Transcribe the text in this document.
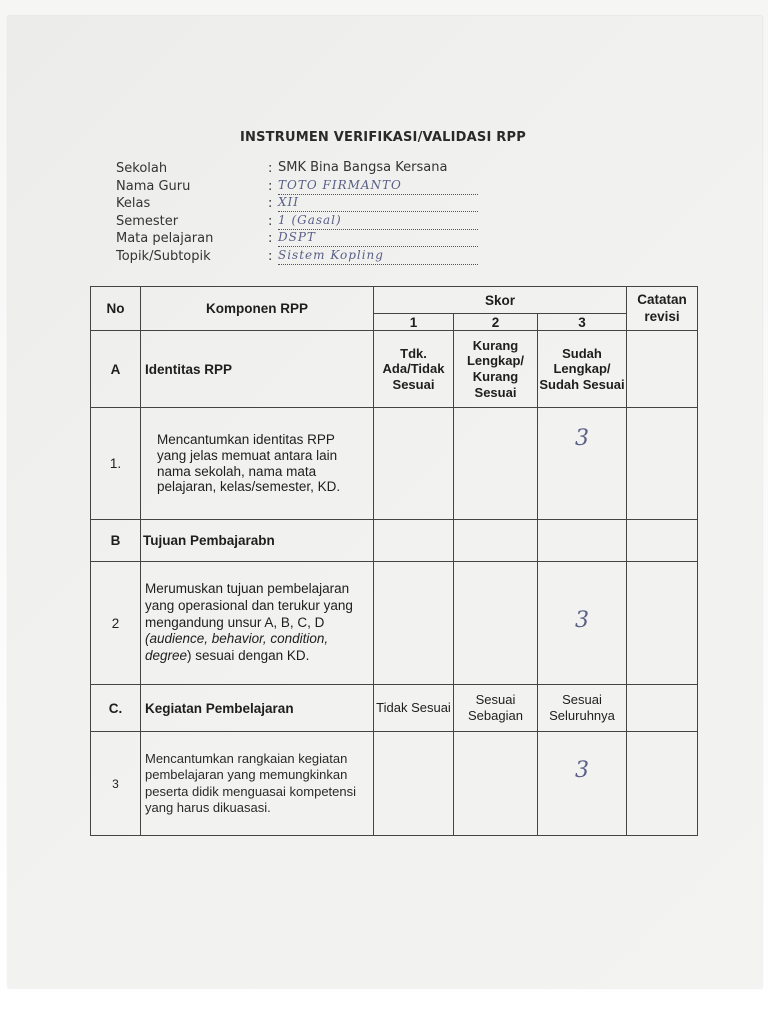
INSTRUMEN VERIFIKASI/VALIDASI RPP
Sekolah	: SMK Bina Bangsa Kersana
Nama Guru	: TOTO FIRMANTO
Kelas	: XII
Semester	: 1 (Gasal)
Mata pelajaran	: DSPT
Topik/Subtopik	: Sistem Kopling
No	Komponen RPP	Skor			Catatan revisi
		1	2	3	
A	Identitas RPP	Tdk. Ada/Tidak Sesuai	Kurang Lengkap/ Kurang Sesuai	Sudah Lengkap/ Sudah Sesuai	
1.	Mencantumkan identitas RPP yang jelas memuat antara lain nama sekolah, nama mata pelajaran, kelas/semester, KD.			3	
B	Tujuan Pembajarabn				
2	Merumuskan tujuan pembelajaran yang operasional dan terukur yang mengandung unsur A, B, C, D (audience, behavior, condition, degree) sesuai dengan KD.			3	
C.	Kegiatan Pembelajaran	Tidak Sesuai	Sesuai Sebagian	Sesuai Seluruhnya	
3	Mencantumkan rangkaian kegiatan pembelajaran yang memungkinkan peserta didik menguasai kompetensi yang harus dikuasasi.			3	
